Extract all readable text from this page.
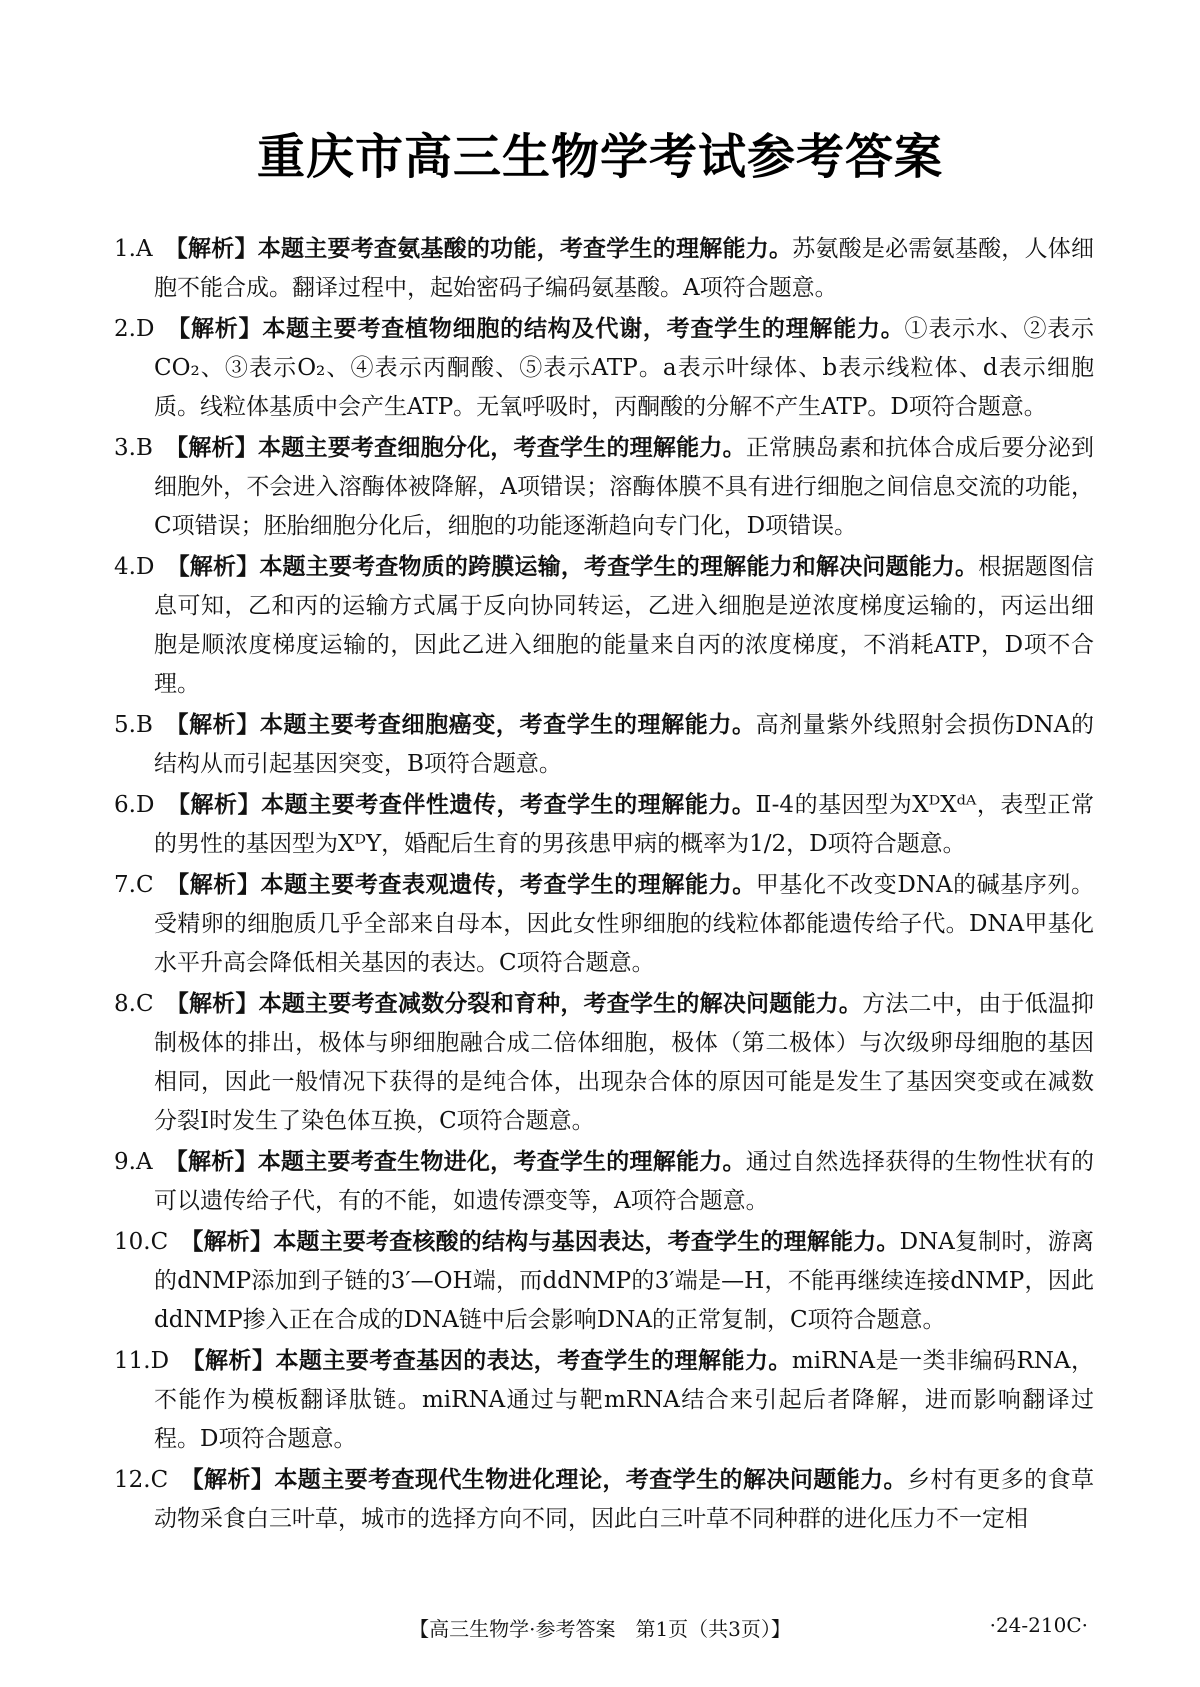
重庆市高三生物学考试参考答案
1.A 【解析】本题主要考查氨基酸的功能，考查学生的理解能力。苏氨酸是必需氨基酸，人体细胞不能合成。翻译过程中，起始密码子编码氨基酸。A项符合题意。
2.D 【解析】本题主要考查植物细胞的结构及代谢，考查学生的理解能力。①表示水、②表示CO₂、③表示O₂、④表示丙酮酸、⑤表示ATP。a表示叶绿体、b表示线粒体、d表示细胞质。线粒体基质中会产生ATP。无氧呼吸时，丙酮酸的分解不产生ATP。D项符合题意。
3.B 【解析】本题主要考查细胞分化，考查学生的理解能力。正常胰岛素和抗体合成后要分泌到细胞外，不会进入溶酶体被降解，A项错误；溶酶体膜不具有进行细胞之间信息交流的功能，C项错误；胚胎细胞分化后，细胞的功能逐渐趋向专门化，D项错误。
4.D 【解析】本题主要考查物质的跨膜运输，考查学生的理解能力和解决问题能力。根据题图信息可知，乙和丙的运输方式属于反向协同转运，乙进入细胞是逆浓度梯度运输的，丙运出细胞是顺浓度梯度运输的，因此乙进入细胞的能量来自丙的浓度梯度，不消耗ATP，D项不合理。
5.B 【解析】本题主要考查细胞癌变，考查学生的理解能力。高剂量紫外线照射会损伤DNA的结构从而引起基因突变，B项符合题意。
6.D 【解析】本题主要考查伴性遗传，考查学生的理解能力。Ⅱ-4的基因型为XᴰXᵈᴬ，表型正常的男性的基因型为XᴰY，婚配后生育的男孩患甲病的概率为1/2，D项符合题意。
7.C 【解析】本题主要考查表观遗传，考查学生的理解能力。甲基化不改变DNA的碱基序列。受精卵的细胞质几乎全部来自母本，因此女性卵细胞的线粒体都能遗传给子代。DNA甲基化水平升高会降低相关基因的表达。C项符合题意。
8.C 【解析】本题主要考查减数分裂和育种，考查学生的解决问题能力。方法二中，由于低温抑制极体的排出，极体与卵细胞融合成二倍体细胞，极体（第二极体）与次级卵母细胞的基因相同，因此一般情况下获得的是纯合体，出现杂合体的原因可能是发生了基因突变或在减数分裂Ⅰ时发生了染色体互换，C项符合题意。
9.A 【解析】本题主要考查生物进化，考查学生的理解能力。通过自然选择获得的生物性状有的可以遗传给子代，有的不能，如遗传漂变等，A项符合题意。
10.C 【解析】本题主要考查核酸的结构与基因表达，考查学生的理解能力。DNA复制时，游离的dNMP添加到子链的3′—OH端，而ddNMP的3′端是—H，不能再继续连接dNMP，因此ddNMP掺入正在合成的DNA链中后会影响DNA的正常复制，C项符合题意。
11.D 【解析】本题主要考查基因的表达，考查学生的理解能力。miRNA是一类非编码RNA，不能作为模板翻译肽链。miRNA通过与靶mRNA结合来引起后者降解，进而影响翻译过程。D项符合题意。
12.C 【解析】本题主要考查现代生物进化理论，考查学生的解决问题能力。乡村有更多的食草动物采食白三叶草，城市的选择方向不同，因此白三叶草不同种群的进化压力不一定相
【高三生物学·参考答案　第1页（共3页）】	·24-210C·
